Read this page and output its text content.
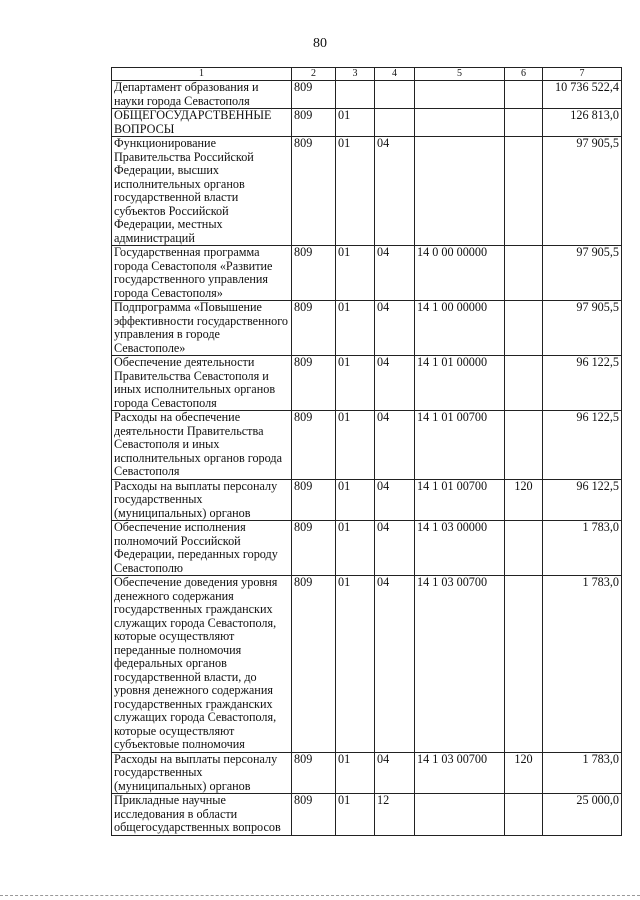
80
1	2	3	4	5	6	7
Департамент образования и науки города Севастополя	809					10 736 522,4
ОБЩЕГОСУДАРСТВЕННЫЕ ВОПРОСЫ	809	01				126 813,0
Функционирование Правительства Российской Федерации, высших исполнительных органов государственной власти субъектов Российской Федерации, местных администраций	809	01	04			97 905,5
Государственная программа города Севастополя «Развитие государственного управления города Севастополя»	809	01	04	14 0 00 00000		97 905,5
Подпрограмма «Повышение эффективности государственного управления в городе Севастополе»	809	01	04	14 1 00 00000		97 905,5
Обеспечение деятельности Правительства Севастополя и иных исполнительных органов города Севастополя	809	01	04	14 1 01 00000		96 122,5
Расходы на обеспечение деятельности Правительства Севастополя и иных исполнительных органов города Севастополя	809	01	04	14 1 01 00700		96 122,5
Расходы на выплаты персоналу государственных (муниципальных) органов	809	01	04	14 1 01 00700	120	96 122,5
Обеспечение исполнения полномочий Российской Федерации, переданных городу Севастополю	809	01	04	14 1 03 00000		1 783,0
Обеспечение доведения уровня денежного содержания государственных гражданских служащих города Севастополя, которые осуществляют переданные полномочия федеральных органов государственной власти, до уровня денежного содержания государственных гражданских служащих города Севастополя, которые осуществляют субъектовые полномочия	809	01	04	14 1 03 00700		1 783,0
Расходы на выплаты персоналу государственных (муниципальных) органов	809	01	04	14 1 03 00700	120	1 783,0
Прикладные научные исследования в области общегосударственных вопросов	809	01	12			25 000,0
